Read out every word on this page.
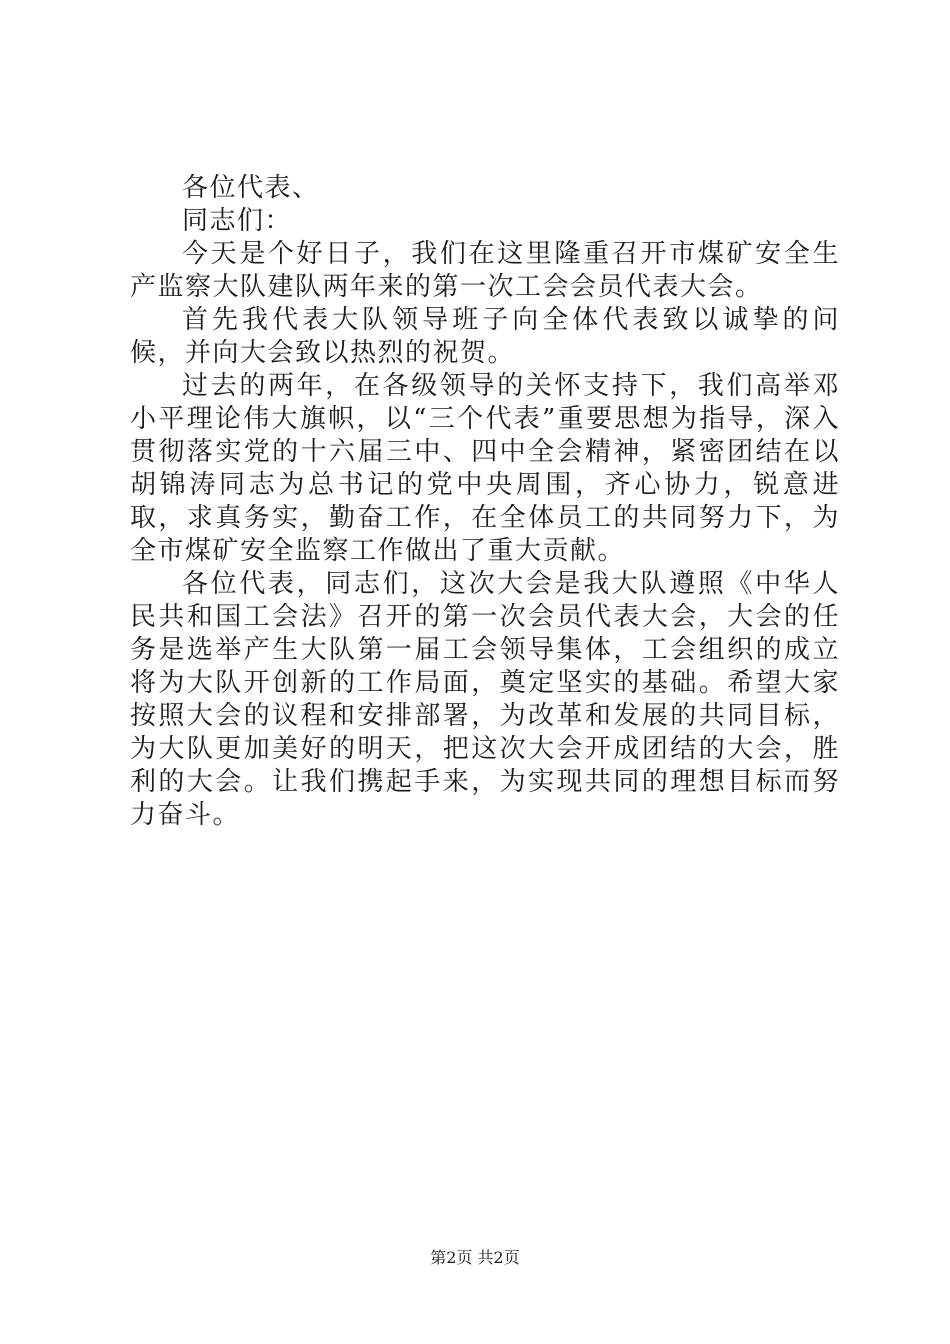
各位代表、

同志们：

今天是个好日子，我们在这里隆重召开市煤矿安全生产监察大队建队两年来的第一次工会会员代表大会。

首先我代表大队领导班子向全体代表致以诚挚的问候，并向大会致以热烈的祝贺。

过去的两年，在各级领导的关怀支持下，我们高举邓小平理论伟大旗帜，以“三个代表”重要思想为指导，深入贯彻落实党的十六届三中、四中全会精神，紧密团结在以胡锦涛同志为总书记的党中央周围，齐心协力，锐意进取，求真务实，勤奋工作，在全体员工的共同努力下，为全市煤矿安全监察工作做出了重大贡献。

各位代表，同志们，这次大会是我大队遵照《中华人民共和国工会法》召开的第一次会员代表大会，大会的任务是选举产生大队第一届工会领导集体，工会组织的成立将为大队开创新的工作局面，奠定坚实的基础。希望大家按照大会的议程和安排部署，为改革和发展的共同目标，为大队更加美好的明天，把这次大会开成团结的大会，胜利的大会。让我们携起手来，为实现共同的理想目标而努力奋斗。

第2页 共2页
